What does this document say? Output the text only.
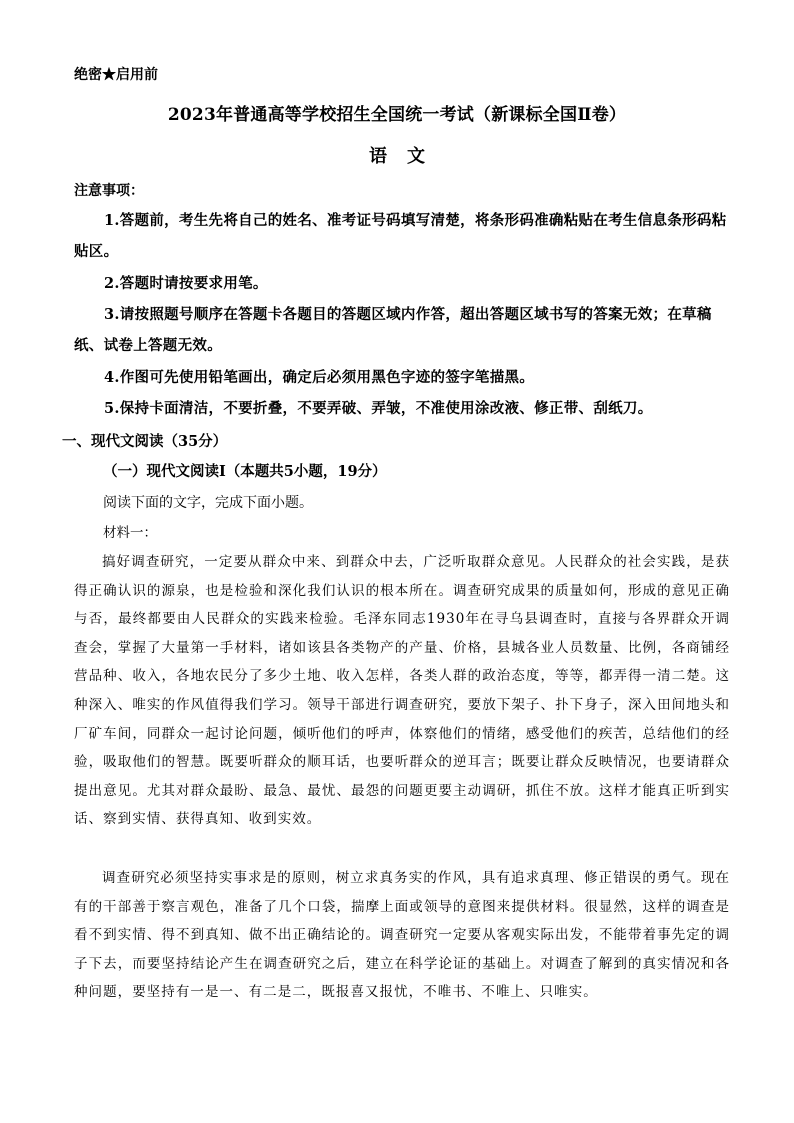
绝密★启用前
2023年普通高等学校招生全国统一考试（新课标全国Ⅱ卷）
语文
注意事项：
1.答题前，考生先将自己的姓名、准考证号码填写清楚，将条形码准确粘贴在考生信息条形码粘贴区。
2.答题时请按要求用笔。
3.请按照题号顺序在答题卡各题目的答题区域内作答，超出答题区域书写的答案无效；在草稿纸、试卷上答题无效。
4.作图可先使用铅笔画出，确定后必须用黑色字迹的签字笔描黑。
5.保持卡面清洁，不要折叠，不要弄破、弄皱，不准使用涂改液、修正带、刮纸刀。
一、现代文阅读（35分）
（一）现代文阅读Ⅰ（本题共5小题，19分）
阅读下面的文字，完成下面小题。
材料一：
搞好调查研究，一定要从群众中来、到群众中去，广泛听取群众意见。人民群众的社会实践，是获得正确认识的源泉，也是检验和深化我们认识的根本所在。调查研究成果的质量如何，形成的意见正确与否，最终都要由人民群众的实践来检验。毛泽东同志1930年在寻乌县调查时，直接与各界群众开调查会，掌握了大量第一手材料，诸如该县各类物产的产量、价格，县城各业人员数量、比例，各商铺经营品种、收入，各地农民分了多少土地、收入怎样，各类人群的政治态度，等等，都弄得一清二楚。这种深入、唯实的作风值得我们学习。领导干部进行调查研究，要放下架子、扑下身子，深入田间地头和厂矿车间，同群众一起讨论问题，倾听他们的呼声，体察他们的情绪，感受他们的疾苦，总结他们的经验，吸取他们的智慧。既要听群众的顺耳话，也要听群众的逆耳言；既要让群众反映情况，也要请群众提出意见。尤其对群众最盼、最急、最忧、最怨的问题更要主动调研，抓住不放。这样才能真正听到实话、察到实情、获得真知、收到实效。
调查研究必须坚持实事求是的原则，树立求真务实的作风，具有追求真理、修正错误的勇气。现在有的干部善于察言观色，准备了几个口袋，揣摩上面或领导的意图来提供材料。很显然，这样的调查是看不到实情、得不到真知、做不出正确结论的。调查研究一定要从客观实际出发，不能带着事先定的调子下去，而要坚持结论产生在调查研究之后，建立在科学论证的基础上。对调查了解到的真实情况和各种问题，要坚持有一是一、有二是二，既报喜又报忧，不唯书、不唯上、只唯实。
